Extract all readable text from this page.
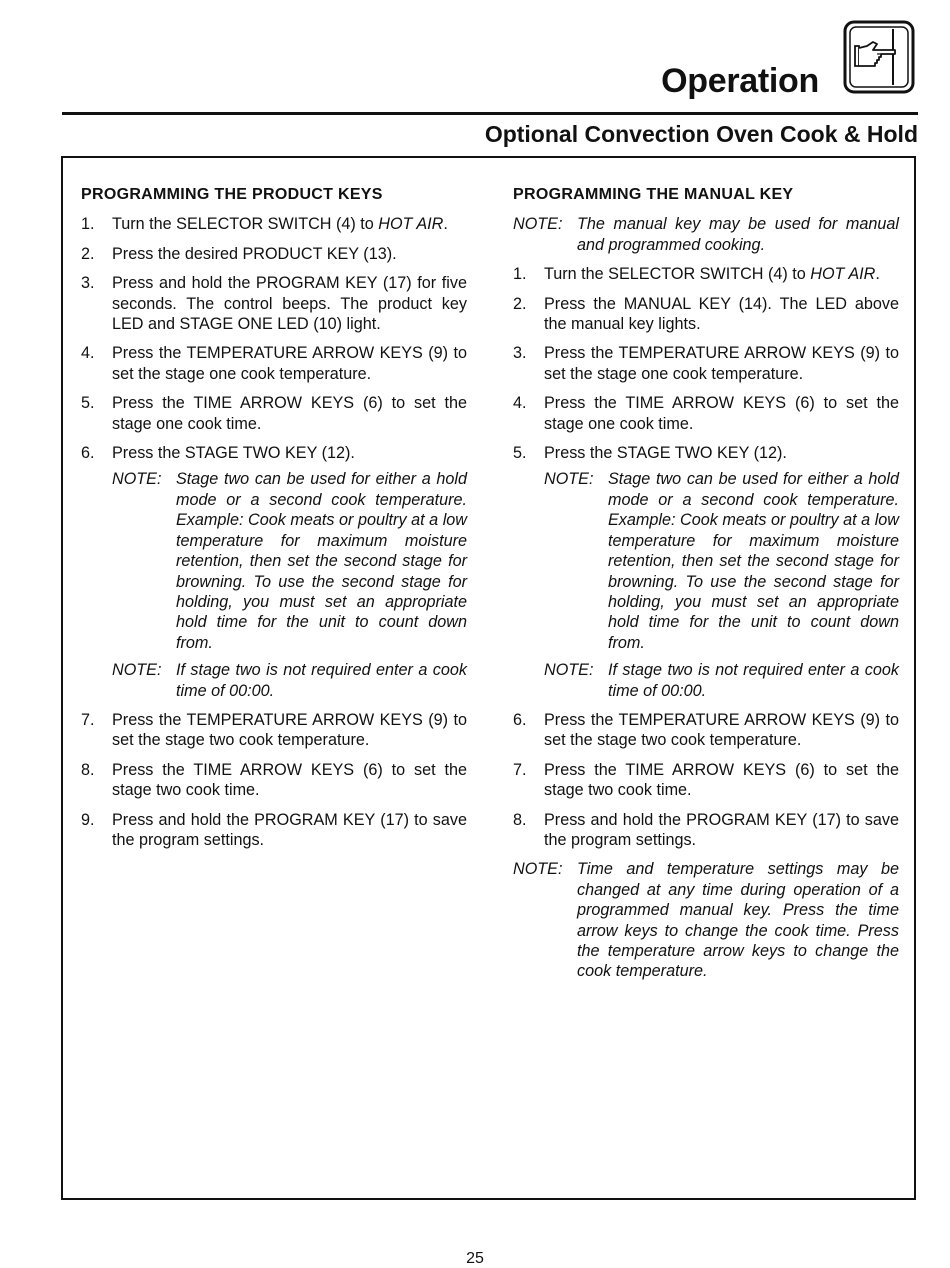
Operation
Optional Convection Oven Cook & Hold
PROGRAMMING THE PRODUCT KEYS
1. Turn the SELECTOR SWITCH (4) to HOT AIR.
2. Press the desired PRODUCT KEY (13).
3. Press and hold the PROGRAM KEY (17) for five seconds. The control beeps. The product key LED and STAGE ONE LED (10) light.
4. Press the TEMPERATURE ARROW KEYS (9) to set the stage one cook temperature.
5. Press the TIME ARROW KEYS (6) to set the stage one cook time.
6. Press the STAGE TWO KEY (12).
NOTE: Stage two can be used for either a hold mode or a second cook temperature. Example: Cook meats or poultry at a low temperature for maximum moisture retention, then set the second stage for browning. To use the second stage for holding, you must set an appropriate hold time for the unit to count down from.
NOTE: If stage two is not required enter a cook time of 00:00.
7. Press the TEMPERATURE ARROW KEYS (9) to set the stage two cook temperature.
8. Press the TIME ARROW KEYS (6) to set the stage two cook time.
9. Press and hold the PROGRAM KEY (17) to save the program settings.
PROGRAMMING THE MANUAL KEY
NOTE: The manual key may be used for manual and programmed cooking.
1. Turn the SELECTOR SWITCH (4) to HOT AIR.
2. Press the MANUAL KEY (14). The LED above the manual key lights.
3. Press the TEMPERATURE ARROW KEYS (9) to set the stage one cook temperature.
4. Press the TIME ARROW KEYS (6) to set the stage one cook time.
5. Press the STAGE TWO KEY (12).
NOTE: Stage two can be used for either a hold mode or a second cook temperature. Example: Cook meats or poultry at a low temperature for maximum moisture retention, then set the second stage for browning. To use the second stage for holding, you must set an appropriate hold time for the unit to count down from.
NOTE: If stage two is not required enter a cook time of 00:00.
6. Press the TEMPERATURE ARROW KEYS (9) to set the stage two cook temperature.
7. Press the TIME ARROW KEYS (6) to set the stage two cook time.
8. Press and hold the PROGRAM KEY (17) to save the program settings.
NOTE: Time and temperature settings may be changed at any time during operation of a programmed manual key. Press the time arrow keys to change the cook time. Press the temperature arrow keys to change the cook temperature.
25
